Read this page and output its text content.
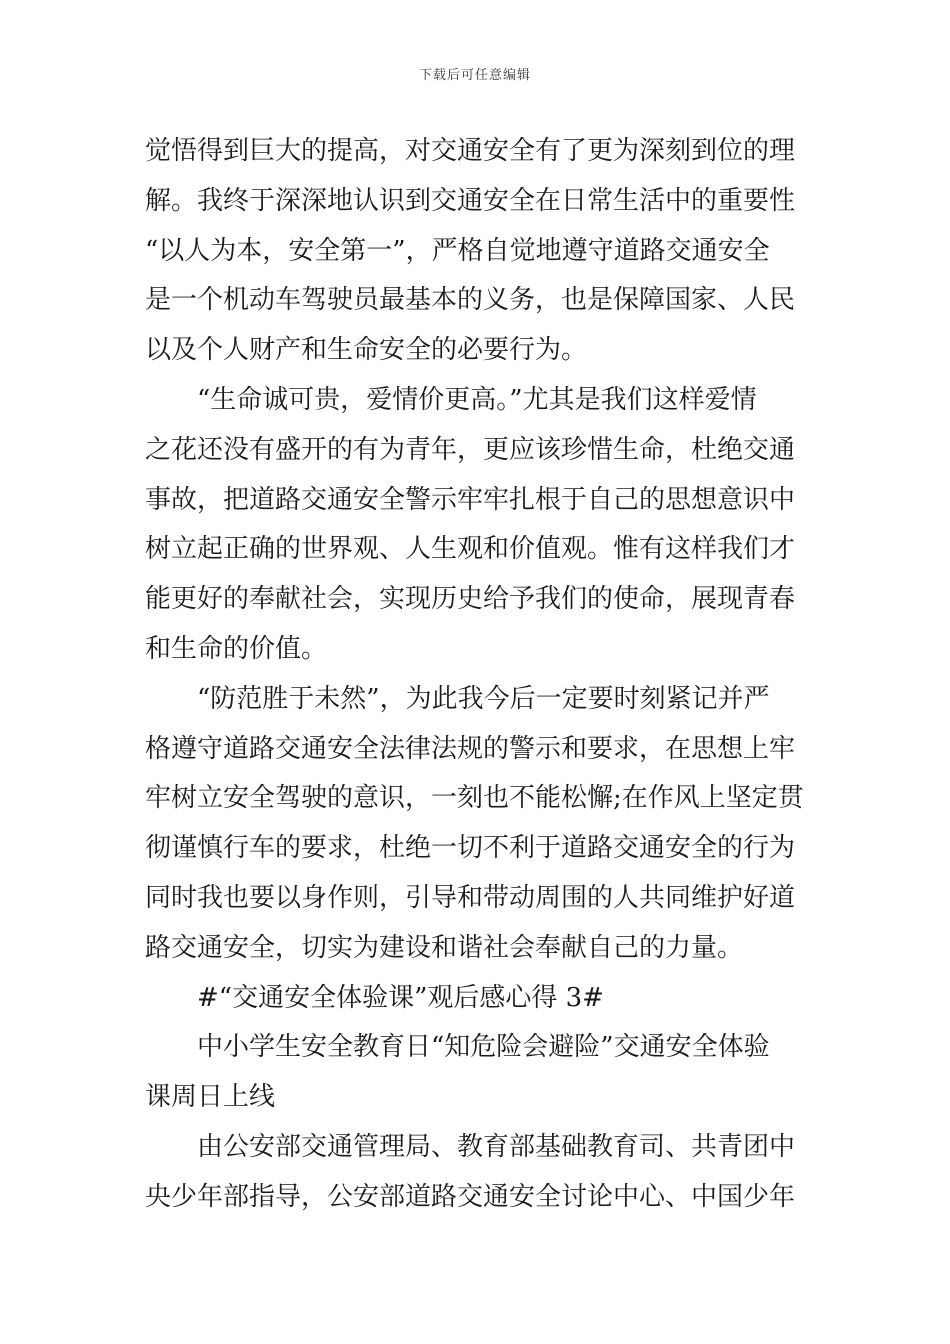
下载后可任意编辑

觉悟得到巨大的提高，对交通安全有了更为深刻到位的理
解。我终于深深地认识到交通安全在日常生活中的重要性
“以人为本，安全第一”，严格自觉地遵守道路交通安全
是一个机动车驾驶员最基本的义务，也是保障国家、人民
以及个人财产和生命安全的必要行为。

“生命诚可贵，爱情价更高。”尤其是我们这样爱情
之花还没有盛开的有为青年，更应该珍惜生命，杜绝交通
事故，把道路交通安全警示牢牢扎根于自己的思想意识中
树立起正确的世界观、人生观和价值观。惟有这样我们才
能更好的奉献社会，实现历史给予我们的使命，展现青春
和生命的价值。

“防范胜于未然”，为此我今后一定要时刻紧记并严
格遵守道路交通安全法律法规的警示和要求，在思想上牢
牢树立安全驾驶的意识，一刻也不能松懈;在作风上坚定贯
彻谨慎行车的要求，杜绝一切不利于道路交通安全的行为
同时我也要以身作则，引导和带动周围的人共同维护好道
路交通安全，切实为建设和谐社会奉献自己的力量。

#“交通安全体验课”观后感心得 3#

中小学生安全教育日“知危险会避险”交通安全体验
课周日上线

由公安部交通管理局、教育部基础教育司、共青团中
央少年部指导，公安部道路交通安全讨论中心、中国少年
